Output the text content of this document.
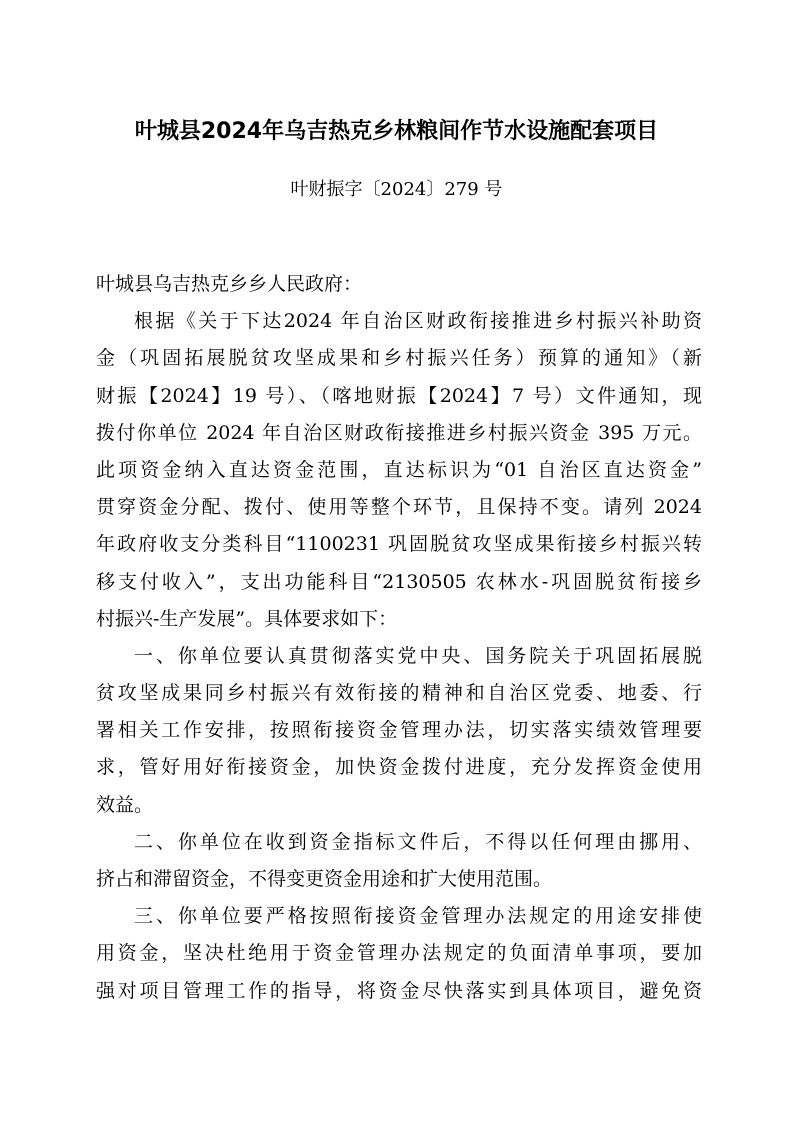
叶城县2024年乌吉热克乡林粮间作节水设施配套项目
叶财振字〔2024〕279 号
叶城县乌吉热克乡乡人民政府：
根据《关于下达2024 年自治区财政衔接推进乡村振兴补助资
金（巩固拓展脱贫攻坚成果和乡村振兴任务）预算的通知》（新
财振【2024】19 号）、（喀地财振【2024】7 号）文件通知，现
拨付你单位 2024 年自治区财政衔接推进乡村振兴资金 395 万元。
此项资金纳入直达资金范围，直达标识为“01 自治区直达资金”
贯穿资金分配、拨付、使用等整个环节，且保持不变。请列 2024
年政府收支分类科目“1100231 巩固脱贫攻坚成果衔接乡村振兴转
移支付收入”，支出功能科目“2130505 农林水-巩固脱贫衔接乡
村振兴-生产发展”。具体要求如下：
一、你单位要认真贯彻落实党中央、国务院关于巩固拓展脱
贫攻坚成果同乡村振兴有效衔接的精神和自治区党委、地委、行
署相关工作安排，按照衔接资金管理办法，切实落实绩效管理要
求，管好用好衔接资金，加快资金拨付进度，充分发挥资金使用
效益。
二、你单位在收到资金指标文件后，不得以任何理由挪用、
挤占和滞留资金，不得变更资金用途和扩大使用范围。
三、你单位要严格按照衔接资金管理办法规定的用途安排使
用资金，坚决杜绝用于资金管理办法规定的负面清单事项，要加
强对项目管理工作的指导，将资金尽快落实到具体项目，避免资
